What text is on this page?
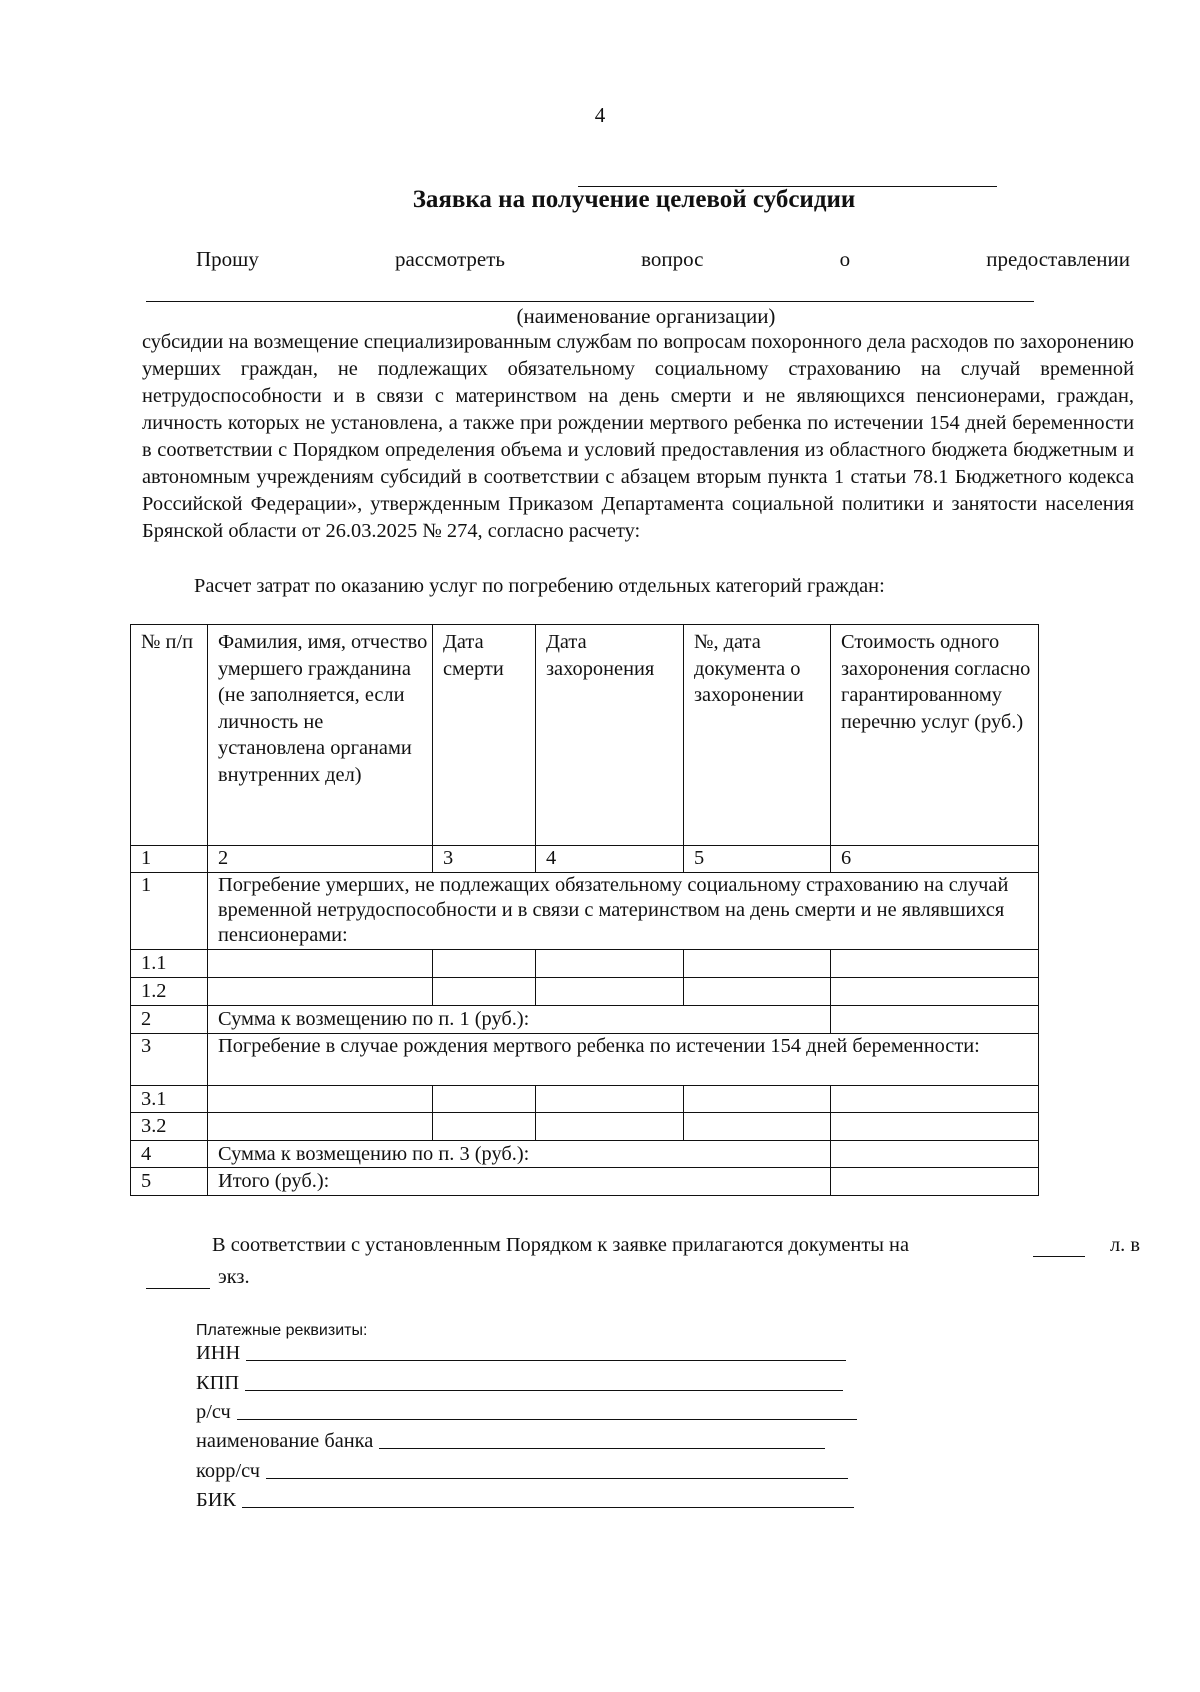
4
Заявка на получение целевой субсидии
Прошу	рассмотреть	вопрос	о	предоставлении
(наименование организации)
субсидии на возмещение специализированным службам по вопросам похоронного дела расходов по захоронению умерших граждан, не подлежащих обязательному социальному страхованию на случай временной нетрудоспособности и в связи с материнством на день смерти и не являющихся пенсионерами, граждан, личность которых не установлена, а также при рождении мертвого ребенка по истечении 154 дней беременности в соответствии с Порядком определения объема и условий предоставления из областного бюджета бюджетным и автономным учреждениям субсидий в соответствии с абзацем вторым пункта 1 статьи 78.1 Бюджетного кодекса Российской Федерации», утвержденным Приказом Департамента социальной политики и занятости населения Брянской области от 26.03.2025 № 274, согласно расчету:
Расчет затрат по оказанию услуг по погребению отдельных категорий граждан:
№ п/п	Фамилия, имя, отчество умершего гражданина (не заполняется, если личность не установлена органами внутренних дел)	Дата смерти	Дата захоронения	№, дата документа о захоронении	Стоимость одного захоронения согласно гарантированному перечню услуг (руб.)
1	2	3	4	5	6
1	Погребение умерших, не подлежащих обязательному социальному страхованию на случай временной нетрудоспособности и в связи с материнством на день смерти и не являвшихся пенсионерами:				
1.1					
1.2					
2	Сумма к возмещению по п. 1 (руб.):				
3	Погребение в случае рождения мертвого ребенка по истечении 154 дней беременности:				
3.1					
3.2					
4	Сумма к возмещению по п. 3 (руб.):				
5	Итого (руб.):				
В соответствии с установленным Порядком к заявке прилагаются документы на	л. в
экз.
Платежные реквизиты:
ИНН
КПП
р/сч
наименование банка
корр/сч
БИК
